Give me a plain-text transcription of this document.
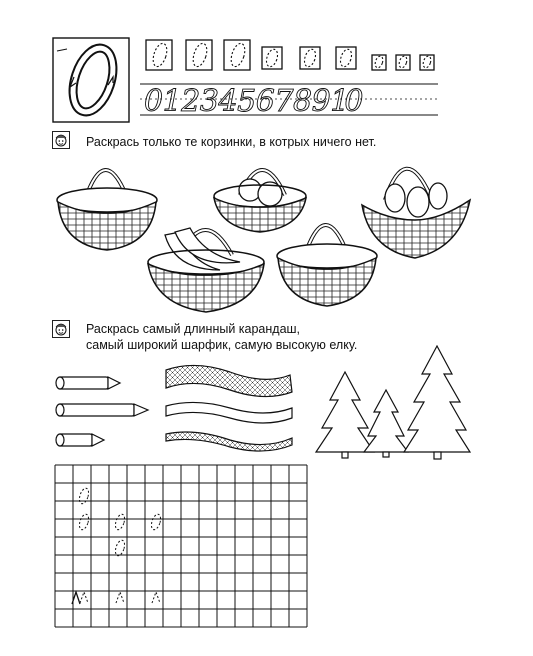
0 1 2 3 4 5 6 7 8 9 10
Раскрась только те корзинки, в котрых ничего нет.
Раскрась самый длинный карандаш,
самый широкий шарфик, самую высокую елку.
